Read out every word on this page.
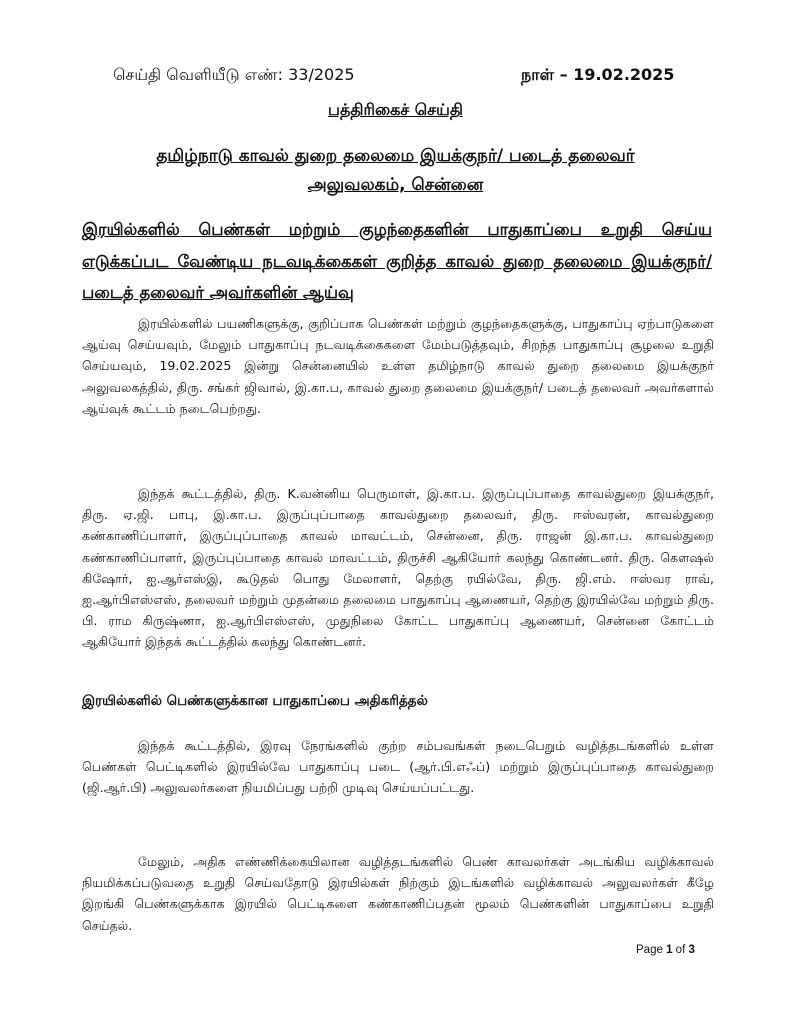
செய்தி வெளியீடு எண்: 33/2025	நாள் – 19.02.2025
பத்திரிகைச் செய்தி
தமிழ்நாடு காவல் துறை தலைமை இயக்குநர்/ படைத் தலைவர்
அலுவலகம், சென்னை
இரயில்களில் பெண்கள் மற்றும் குழந்தைகளின் பாதுகாப்பை உறுதி செய்ய எடுக்கப்பட வேண்டிய நடவடிக்கைகள் குறித்த காவல் துறை தலைமை இயக்குநர்/ படைத் தலைவர் அவர்களின் ஆய்வு
இரயில்களில் பயணிகளுக்கு, குறிப்பாக பெண்கள் மற்றும் குழந்தைகளுக்கு, பாதுகாப்பு ஏற்பாடுகளை ஆய்வு செய்யவும், மேலும் பாதுகாப்பு நடவடிக்கைகளை மேம்படுத்தவும், சிறந்த பாதுகாப்பு சூழலை உறுதி செய்யவும், 19.02.2025 இன்று சென்னையில் உள்ள தமிழ்நாடு காவல் துறை தலைமை இயக்குநர் அலுவலகத்தில், திரு. சங்கர் ஜிவால், இ.கா.ப, காவல் துறை தலைமை இயக்குநர்/ படைத் தலைவர் அவர்களால் ஆய்வுக் கூட்டம் நடைபெற்றது.
இந்தக் கூட்டத்தில், திரு. K.வன்னிய பெருமாள், இ.கா.ப. இருப்புப்பாதை காவல்துறை இயக்குநர், திரு. ஏ.ஜி. பாபு, இ.கா.ப. இருப்புப்பாதை காவல்துறை தலைவர், திரு. ஈஸ்வரன், காவல்துறை கண்காணிப்பாளர், இருப்புப்பாதை காவல் மாவட்டம், சென்னை, திரு. ராஜன் இ.கா.ப. காவல்துறை கண்காணிப்பாளர், இருப்புப்பாதை காவல் மாவட்டம், திருச்சி ஆகியோர் கலந்து கொண்டனர். திரு. கௌஷல் கிஷோர், ஐ.ஆர்எஸ்இ, கூடுதல் பொது மேலாளர், தெற்கு ரயில்வே, திரு. ஜி.எம். ஈஸ்வர ராவ், ஐ.ஆர்பிஎஸ்எஸ், தலைவர் மற்றும் முதன்மை தலைமை பாதுகாப்பு ஆணையர், தெற்கு இரயில்வே மற்றும் திரு. பி. ராம கிருஷ்ணா, ஐ.ஆர்பிஎஸ்எஸ், முதுநிலை கோட்ட பாதுகாப்பு ஆணையர், சென்னை கோட்டம் ஆகியோர் இந்தக் கூட்டத்தில் கலந்து கொண்டனர்.
இரயில்களில் பெண்களுக்கான பாதுகாப்பை அதிகரித்தல்
இந்தக் கூட்டத்தில், இரவு நேரங்களில் குற்ற சம்பவங்கள் நடைபெறும் வழித்தடங்களில் உள்ள பெண்கள் பெட்டிகளில் இரயில்வே பாதுகாப்பு படை (ஆர்.பி.எஃப்) மற்றும் இருப்புப்பாதை காவல்துறை (ஜி.ஆர்.பி) அலுவலர்களை நியமிப்பது பற்றி முடிவு செய்யப்பட்டது.
மேலும், அதிக எண்ணிக்கையிலான வழித்தடங்களில் பெண் காவலர்கள் அடங்கிய வழிக்காவல் நியமிக்கப்படுவதை உறுதி செய்வதோடு இரயில்கள் நிற்கும் இடங்களில் வழிக்காவல் அலுவலர்கள் கீழே இறங்கி பெண்களுக்காக இரயில் பெட்டிகளை கண்காணிப்பதன் மூலம் பெண்களின் பாதுகாப்பை உறுதி செய்தல்.
Page 1 of 3
